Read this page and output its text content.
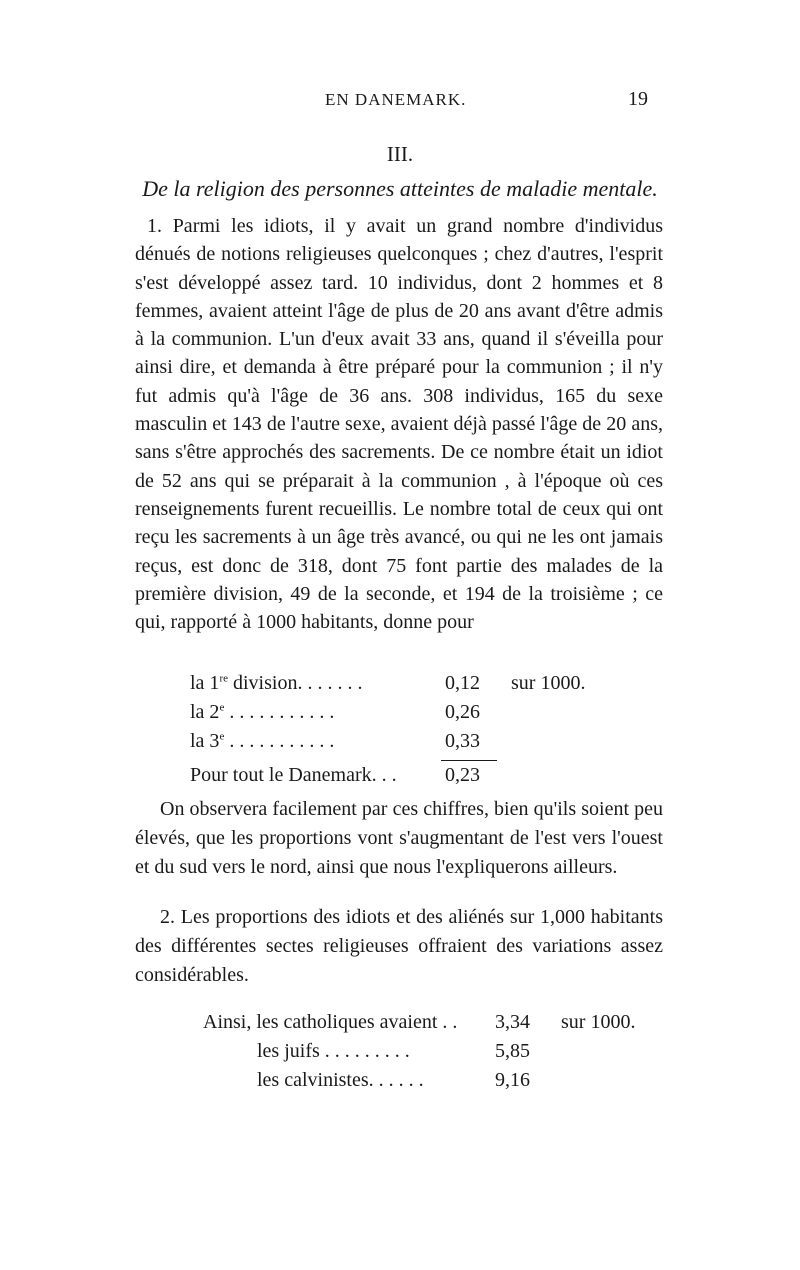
EN DANEMARK.	19
III.
De la religion des personnes atteintes de maladie mentale.

1. Parmi les idiots, il y avait un grand nombre d'individus dénués de notions religieuses quelconques ; chez d'autres, l'esprit s'est développé assez tard. 10 individus, dont 2 hommes et 8 femmes, avaient atteint l'âge de plus de 20 ans avant d'être admis à la communion. L'un d'eux avait 33 ans, quand il s'éveilla pour ainsi dire, et demanda à être préparé pour la communion ; il n'y fut admis qu'à l'âge de 36 ans. 308 individus, 165 du sexe masculin et 143 de l'autre sexe, avaient déjà passé l'âge de 20 ans, sans s'être approchés des sacrements. De ce nombre était un idiot de 52 ans qui se préparait à la communion , à l'époque où ces renseignements furent recueillis. Le nombre total de ceux qui ont reçu les sacrements à un âge très avancé, ou qui ne les ont jamais reçus, est donc de 318, dont 75 font partie des malades de la première division, 49 de la seconde, et 194 de la troisième ; ce qui, rapporté à 1000 habitants, donne pour

la 1re division. . . . . . .	0,12	sur 1000.
la 2e . . . . . . . . . . .	0,26
la 3e . . . . . . . . . . .	0,33
Pour tout le Danemark. . .	0,23

On observera facilement par ces chiffres, bien qu'ils soient peu élevés, que les proportions vont s'augmentant de l'est vers l'ouest et du sud vers le nord, ainsi que nous l'expliquerons ailleurs.

2. Les proportions des idiots et des aliénés sur 1,000 habitants des différentes sectes religieuses offraient des variations assez considérables.

Ainsi, les catholiques avaient . .	3,34	sur 1000.
les juifs . . . . . . . . .	5,85
les calvinistes. . . . . .	9,16
